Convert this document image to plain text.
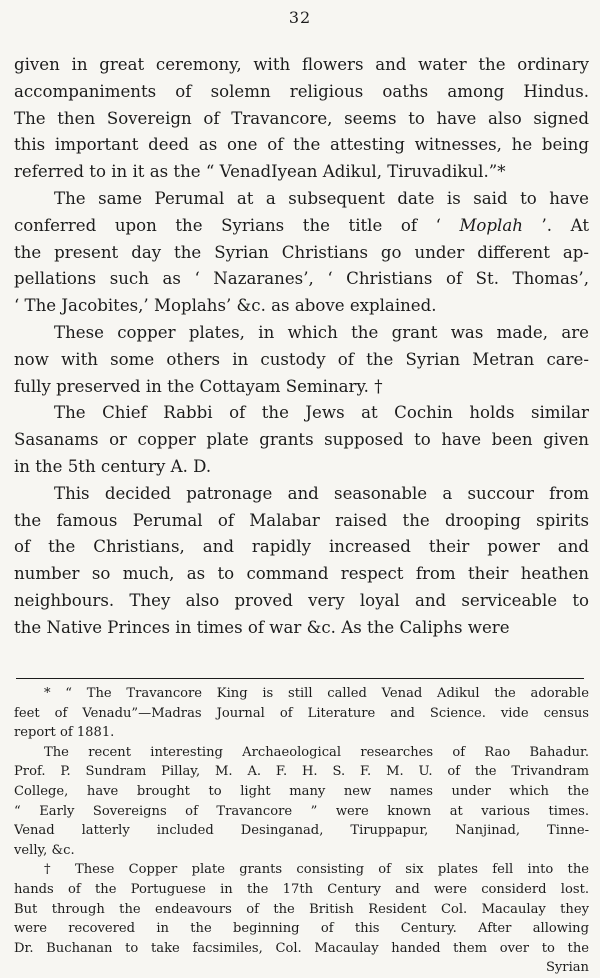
32
given in great ceremony, with flowers and water the ordinary
accompaniments of solemn religious oaths among Hindus.
The then Sovereign of Travancore, seems to have also signed
this important deed as one of the attesting witnesses, he being
referred to in it as the “ VenadIyean Adikul, Tiruvadikul.”*
The same Perumal at a subsequent date is said to have
conferred upon the Syrians the title of ‘ Moplah ’. At
the present day the Syrian Christians go under different ap-
pellations such as ‘ Nazaranes’, ‘ Christians of St. Thomas’,
‘ The Jacobites,’ Moplahs’ &c. as above explained.
These copper plates, in which the grant was made, are
now with some others in custody of the Syrian Metran care-
fully preserved in the Cottayam Seminary. †
The Chief Rabbi of the Jews at Cochin holds similar
Sasanams or copper plate grants supposed to have been given
in the 5th century A. D.
This decided patronage and seasonable a succour from
the famous Perumal of Malabar raised the drooping spirits
of the Christians, and rapidly increased their power and
number so much, as to command respect from their heathen
neighbours. They also proved very loyal and serviceable to
the Native Princes in times of war &c. As the Caliphs were
* “ The Travancore King is still called Venad Adikul the adorable
feet of Venadu”—Madras Journal of Literature and Science. vide census
report of 1881.
The recent interesting Archaeological researches of Rao Bahadur.
Prof. P. Sundram Pillay, M. A. F. H. S. F. M. U. of the Trivandram
College, have brought to light many new names under which the
“ Early Sovereigns of Travancore ” were known at various times.
Venad latterly included Desinganad, Tiruppapur, Nanjinad, Tinne-
velly, &c.
† These Copper plate grants consisting of six plates fell into the
hands of the Portuguese in the 17th Century and were considerd lost.
But through the endeavours of the British Resident Col. Macaulay they
were recovered in the beginning of this Century. After allowing
Dr. Buchanan to take facsimiles, Col. Macaulay handed them over to the
Syrian
